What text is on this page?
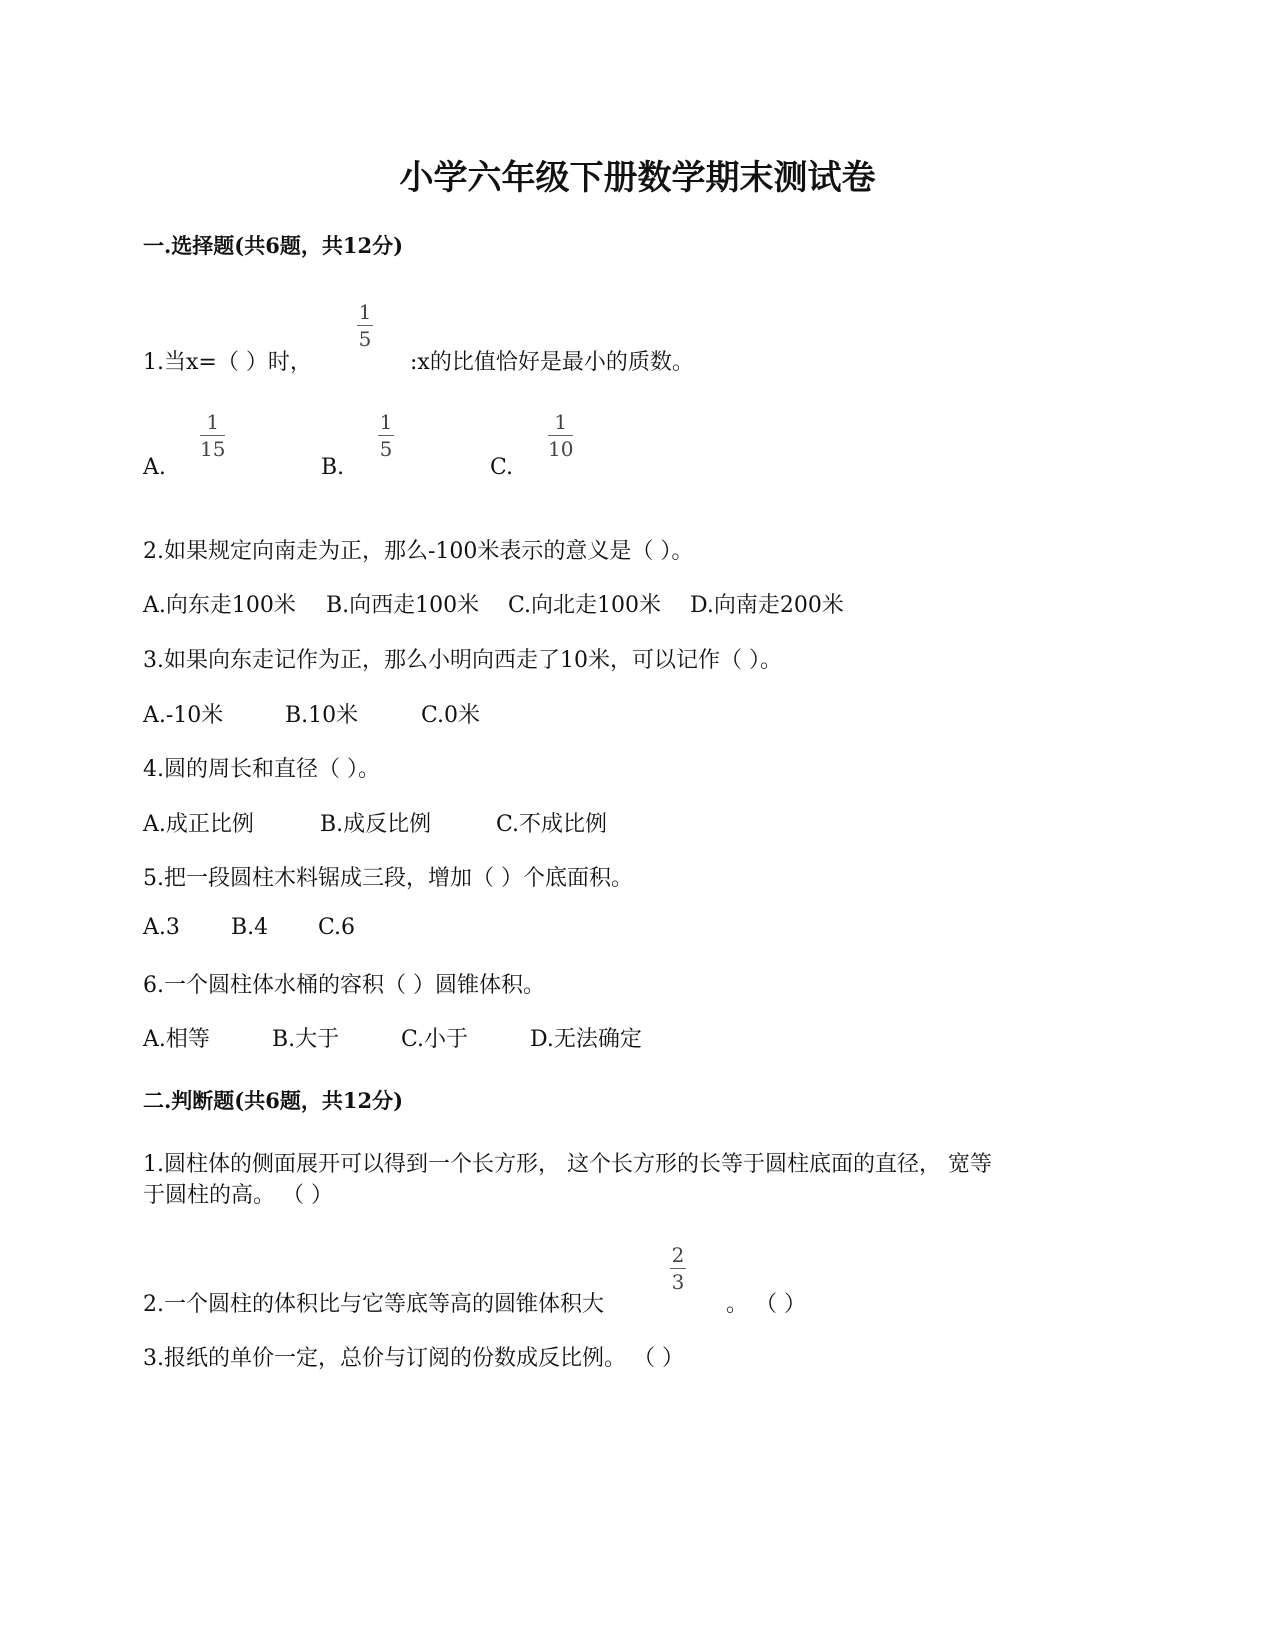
小学六年级下册数学期末测试卷
一.选择题(共6题，共12分)
1.当x=（ ）时，
1
5
:x的比值恰好是最小的质数。
A.
1
15
B.
1
5
C.
1
10
2.如果规定向南走为正，那么-100米表示的意义是（ ）。
A.向东走100米 B.向西走100米 C.向北走100米 D.向南走200米
3.如果向东走记作为正，那么小明向西走了10米，可以记作（ ）。
A.-10米	B.10米	C.0米
4.圆的周长和直径（ ）。
A.成正比例	B.成反比例	C.不成比例
5.把一段圆柱木料锯成三段，增加（ ）个底面积。
A.3 B.4 C.6
6.一个圆柱体水桶的容积（ ）圆锥体积。
A.相等	B.大于	C.小于	D.无法确定
二.判断题(共6题，共12分)
1.圆柱体的侧面展开可以得到一个长方形， 这个长方形的长等于圆柱底面的直径， 宽等
于圆柱的高。 （ ）
2.一个圆柱的体积比与它等底等高的圆锥体积大
2
3
。 （ ）
3.报纸的单价一定，总价与订阅的份数成反比例。 （ ）
